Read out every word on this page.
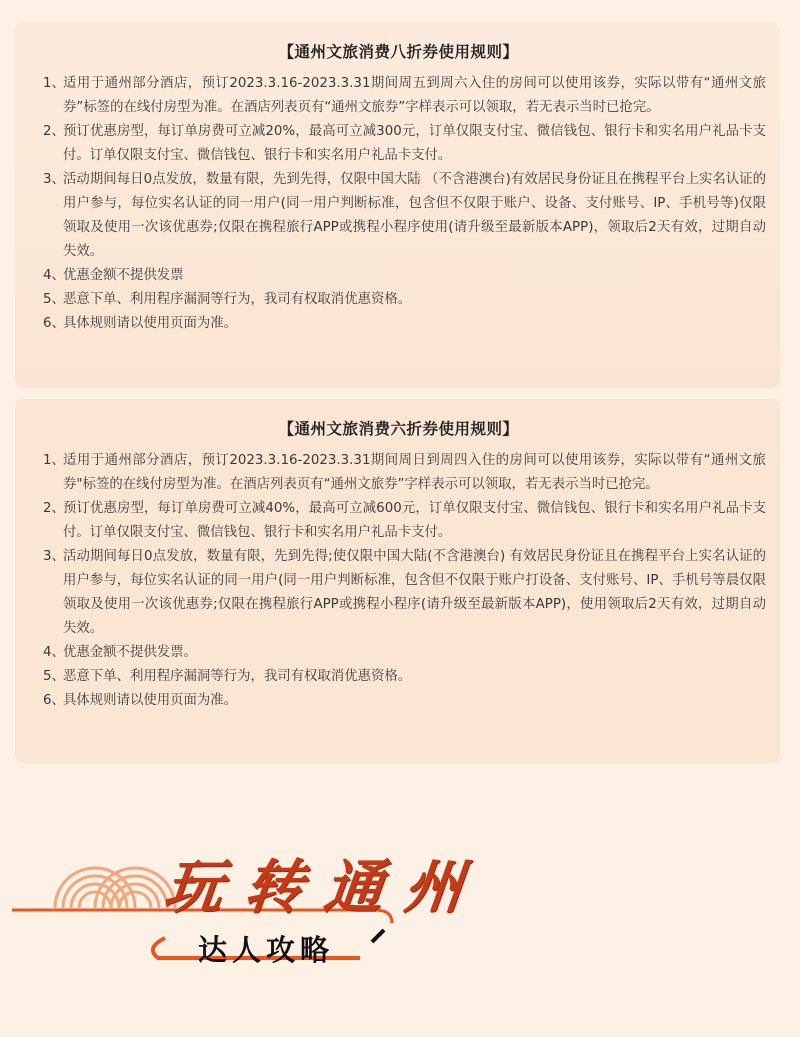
【通州文旅消费八折券使用规则】
1、
适用于通州部分酒店，预订2023.3.16-2023.3.31期间周五到周六入住的房间可以使用该券，实际以带有“通州文旅券”标签的在线付房型为准。在酒店列表页有“通州文旅券”字样表示可以领取，若无表示当时已抢完。
2、
预订优惠房型，每订单房费可立减20%，最高可立减300元，订单仅限支付宝、微信钱包、银行卡和实名用户礼品卡支付。订单仅限支付宝、微信钱包、银行卡和实名用户礼品卡支付。
3、
活动期间每日0点发放，数量有限，先到先得，仅限中国大陆 （不含港澳台)有效居民身份证且在携程平台上实名认证的用户参与，每位实名认证的同一用户(同一用户判断标准，包含但不仅限于账户、设备、支付账号、IP、手机号等)仅限领取及使用一次该优惠券;仅限在携程旅行APP或携程小程序使用(请升级至最新版本APP)，领取后2天有效，过期自动失效。
4、
优惠金额不提供发票
5、
恶意下单、利用程序漏洞等行为，我司有权取消优惠资格。
6、
具体规则请以使用页面为准。
【通州文旅消费六折券使用规则】
1、
适用于通州部分酒店，预订2023.3.16-2023.3.31期间周日到周四入住的房间可以使用该券，实际以带有“通州文旅券"标签的在线付房型为准。在酒店列表页有“通州文旅券”字样表示可以领取，若无表示当时已抢完。
2、
预订优惠房型，每订单房费可立减40%，最高可立减600元，订单仅限支付宝、微信钱包、银行卡和实名用户礼品卡支付。订单仅限支付宝、微信钱包、银行卡和实名用户礼品卡支付。
3、
活动期间每日0点发放，数量有限，先到先得;使仅限中国大陆(不含港澳台) 有效居民身份证且在携程平台上实名认证的用户参与，每位实名认证的同一用户(同一用户判断标准，包含但不仅限于账户打设备、支付账号、IP、手机号等晨仅限领取及使用一次该优惠券;仅限在携程旅行APP或携程小程序(请升级至最新版本APP)，使用领取后2天有效，过期自动失效。
4、
优惠金额不提供发票。
5、
恶意下单、利用程序漏洞等行为，我司有权取消优惠资格。
6、
具体规则请以使用页面为准。
玩转通州
达人攻略
